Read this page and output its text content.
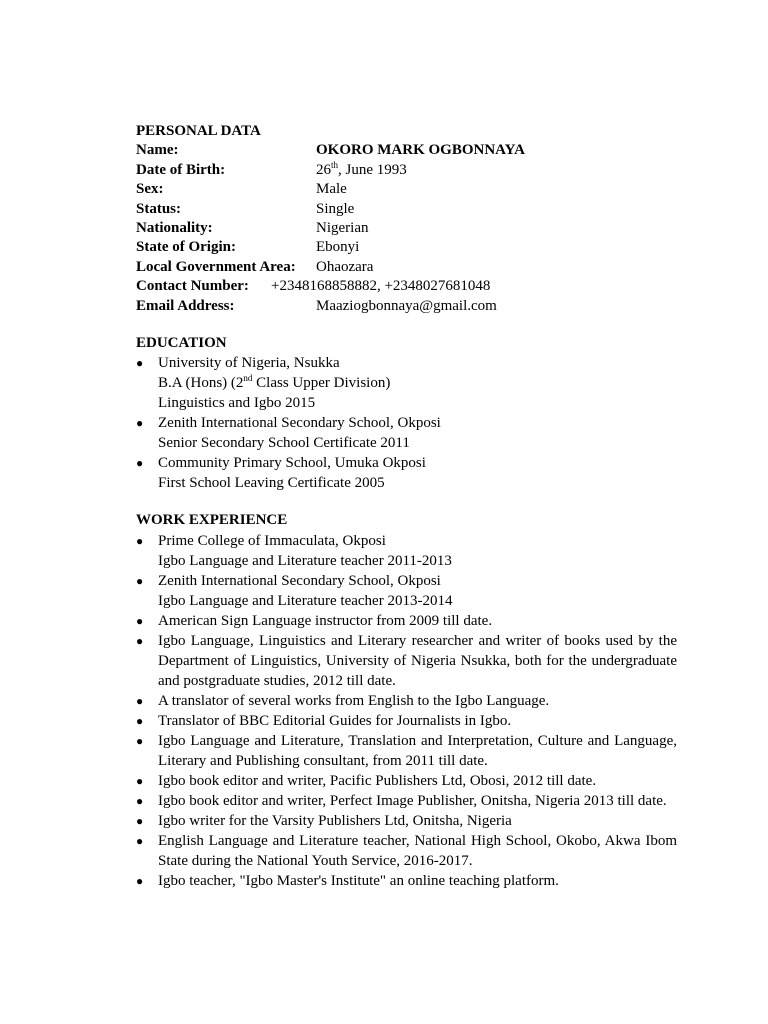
PERSONAL DATA
Name:	OKORO MARK OGBONNAYA
Date of Birth:	26th, June 1993
Sex:	Male
Status:	Single
Nationality:	Nigerian
State of Origin:	Ebonyi
Local Government Area: Ohaozara
Contact Number: +2348168858882, +2348027681048
Email Address:	Maaziogbonnaya@gmail.com
EDUCATION
● University of Nigeria, Nsukka
B.A (Hons) (2nd Class Upper Division)
Linguistics and Igbo 2015
● Zenith International Secondary School, Okposi
Senior Secondary School Certificate 2011
● Community Primary School, Umuka Okposi
First School Leaving Certificate 2005
WORK EXPERIENCE
● Prime College of Immaculata, Okposi
Igbo Language and Literature teacher 2011-2013
● Zenith International Secondary School, Okposi
Igbo Language and Literature teacher 2013-2014
● American Sign Language instructor from 2009 till date.
● Igbo Language, Linguistics and Literary researcher and writer of books used by the Department of Linguistics, University of Nigeria Nsukka, both for the undergraduate and postgraduate studies, 2012 till date.
● A translator of several works from English to the Igbo Language.
● Translator of BBC Editorial Guides for Journalists in Igbo.
● Igbo Language and Literature, Translation and Interpretation, Culture and Language, Literary and Publishing consultant, from 2011 till date.
● Igbo book editor and writer, Pacific Publishers Ltd, Obosi, 2012 till date.
● Igbo book editor and writer, Perfect Image Publisher, Onitsha, Nigeria 2013 till date.
● Igbo writer for the Varsity Publishers Ltd, Onitsha, Nigeria
● English Language and Literature teacher, National High School, Okobo, Akwa Ibom State during the National Youth Service, 2016-2017.
● Igbo teacher, "Igbo Master's Institute" an online teaching platform.
